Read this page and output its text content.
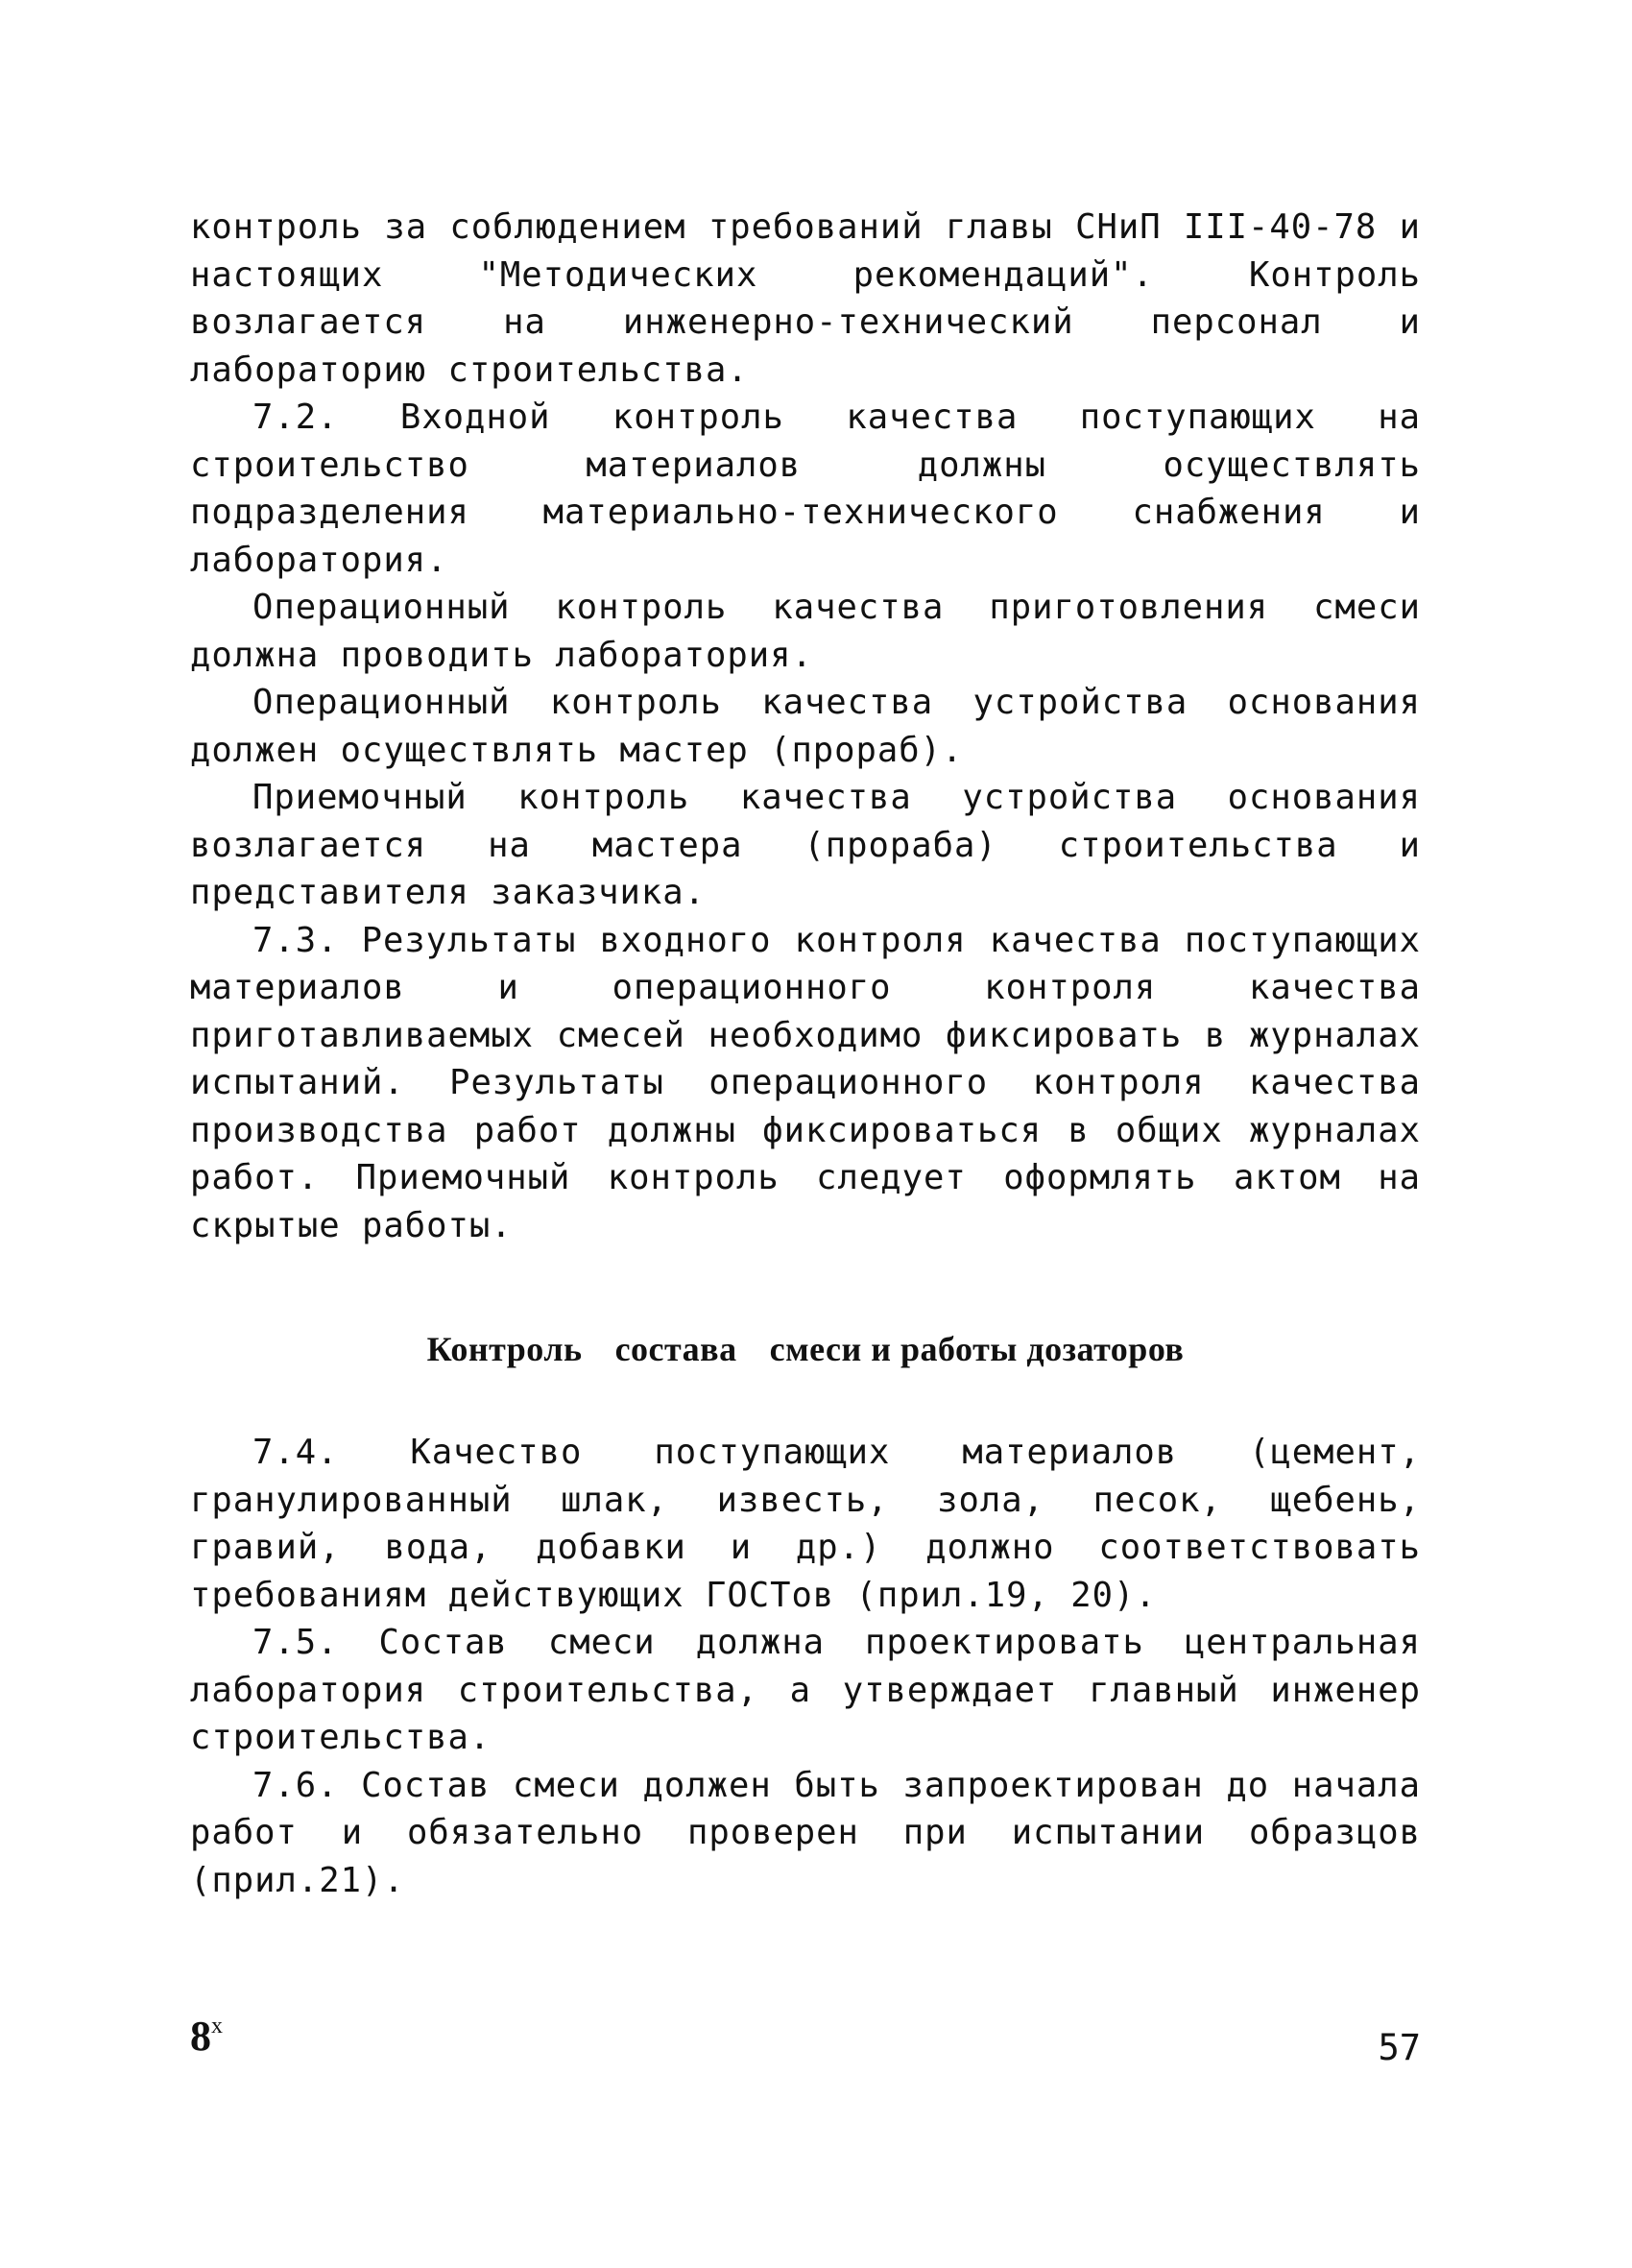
контроль за соблюдением требований главы СНиП III-40-78 и настоящих "Методических рекомендаций". Контроль возлагается на инженерно-технический персонал и лабораторию строительства.

7.2. Входной контроль качества поступающих на строительство материалов должны осуществлять подразделения материально-технического снабжения и лаборатория.

Операционный контроль качества приготовления смеси должна проводить лаборатория.

Операционный контроль качества устройства основания должен осуществлять мастер (прораб).

Приемочный контроль качества устройства основания возлагается на мастера (прораба) строительства и представителя заказчика.

7.3. Результаты входного контроля качества поступающих материалов и операционного контроля качества приготавливаемых смесей необходимо фиксировать в журналах испытаний. Результаты операционного контроля качества производства работ должны фиксироваться в общих журналах работ. Приемочный контроль следует оформлять актом на скрытые работы.

Контроль состава смеси и работы дозаторов

7.4. Качество поступающих материалов (цемент, гранулированный шлак, известь, зола, песок, щебень, гравий, вода, добавки и др.) должно соответствовать требованиям действующих ГОСТов (прил.19, 20).

7.5. Состав смеси должна проектировать центральная лаборатория строительства, а утверждает главный инженер строительства.

7.6. Состав смеси должен быть запроектирован до начала работ и обязательно проверен при испытании образцов (прил.21).

8$^x$
57
